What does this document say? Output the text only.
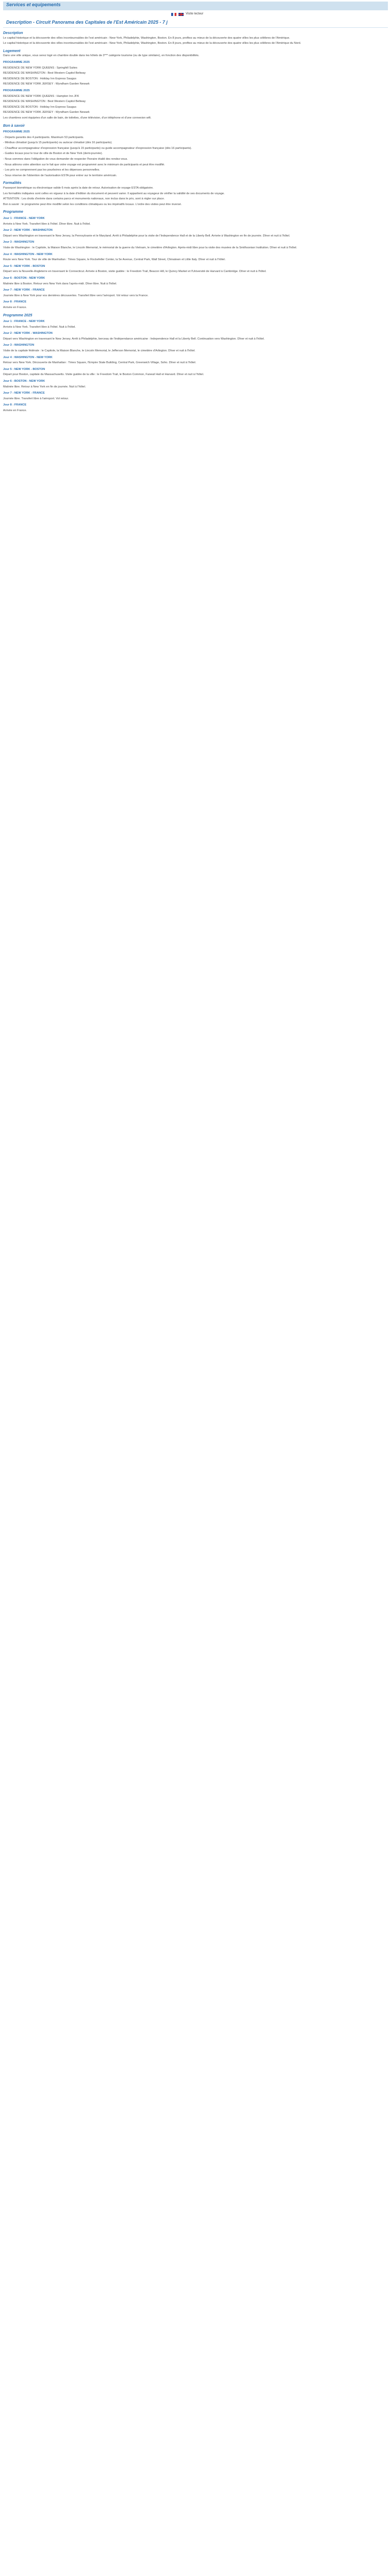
Services et equipements
Visite lecteur
Description - Circuit Panorama des Capitales de l'Est Américain 2025 - 7 j
Description

Le capital historique et la découverte des villes incontournables de l'est américain : New-York, Philadelphie, Washington, Boston. En 8 jours, profitez au mieux de la découverte des quatre villes les plus célèbres de l'Amérique.

Le capital historique et la découverte des villes incontournables de l'est américain : New-York, Philadelphie, Washington, Boston. En 8 jours, profitez au mieux de la découverte des quatre villes les plus célèbres de l'Amérique du Nord.

Logement

Dans une ville unique, vous serez logé en chambre double dans les hôtels de 3*** catégorie tourisme (ou de type similaire), en fonction des disponibilités.

PROGRAMME 2025

RESIDENCE DE NEW YORK QUEENS : Springhill Suites

RESIDENCE DE WASHINGTON : Best Western Capitol Beltway

RESIDENCE DE BOSTON : Holiday Inn Express Saugus

RESIDENCE DE NEW YORK JERSEY : Wyndham Garden Newark

PROGRAMME 2025

RESIDENCE DE NEW YORK QUEENS : Hampton Inn JFK

RESIDENCE DE WASHINGTON : Best Western Capitol Beltway

RESIDENCE DE BOSTON : Holiday Inn Express Saugus

RESIDENCE DE NEW YORK JERSEY : Wyndham Garden Newark

Les chambres sont équipées d'un salle de bain, de toilettes, d'une télévision, d'un téléphone et d'une connexion wifi.

Bon à savoir

PROGRAMME 2025

- Départs garantis des 4 participants. Maximum 53 participants.

- Minibus climatisé (jusqu'à 15 participants) ou autocar climatisé (dès 16 participants).

- Chauffeur accompagnateur d'expression française (jusqu'à 15 participants) ou guide accompagnateur d'expression française (dès 16 participants).

- Guides locaux pour le tour de ville de Boston et de New York (demi-journée).

- Nous sommes dans l'obligation de vous demander de respecter l'horaire établi des rendez-vous.

- Nous attirons votre attention sur le fait que votre voyage est programmé avec le minimum de participants et peut être modifié.

- Les prix ne comprennent pas les pourboires et les dépenses personnelles.

- Sous réserve de l'obtention de l'autorisation ESTA pour entrer sur le territoire américain.

Formalités

Passeport biométrique ou électronique valide 6 mois après la date de retour. Autorisation de voyage ESTA obligatoire.

Les formalités indiquées sont celles en vigueur à la date d'édition du document et peuvent varier. Il appartient au voyageur de vérifier la validité de ses documents de voyage.

ATTENTION : Les droits d'entrée dans certains parcs et monuments nationaux, non inclus dans le prix, sont à régler sur place.

Bon à savoir : le programme peut être modifié selon les conditions climatiques ou les impératifs locaux. L'ordre des visites peut être inversé.

Programme

Jour 1 : FRANCE - NEW YORK

Arrivée à New York. Transfert libre à l'hôtel. Dîner libre. Nuit à l'hôtel.

Jour 2 : NEW YORK - WASHINGTON

Départ vers Washington en traversant le New Jersey, la Pennsylvanie et le Maryland. Arrêt à Philadelphie pour la visite de l'Independence Hall et de la Liberty Bell. Arrivée à Washington en fin de journée. Dîner et nuit à l'hôtel.

Jour 3 : WASHINGTON

Visite de Washington : le Capitole, la Maison Blanche, le Lincoln Memorial, le mémorial de la guerre du Vietnam, le cimetière d'Arlington. Après-midi libre pour la visite des musées de la Smithsonian Institution. Dîner et nuit à l'hôtel.

Jour 4 : WASHINGTON - NEW YORK

Route vers New York. Tour de ville de Manhattan : Times Square, le Rockefeller Center, la 5e Avenue, Central Park, Wall Street, Chinatown et Little Italy. Dîner et nuit à l'hôtel.

Jour 5 : NEW YORK - BOSTON

Départ vers la Nouvelle-Angleterre en traversant le Connecticut. Arrivée à Boston, visite guidée : le Freedom Trail, Beacon Hill, le Quincy Market et l'Université de Harvard à Cambridge. Dîner et nuit à l'hôtel.

Jour 6 : BOSTON - NEW YORK

Matinée libre à Boston. Retour vers New York dans l'après-midi. Dîner libre. Nuit à l'hôtel.

Jour 7 : NEW YORK - FRANCE

Journée libre à New York pour vos dernières découvertes. Transfert libre vers l'aéroport. Vol retour vers la France.

Jour 8 : FRANCE

Arrivée en France.

Programme 2025

Jour 1 : FRANCE - NEW YORK

Arrivée à New York. Transfert libre à l'hôtel. Nuit à l'hôtel.

Jour 2 : NEW YORK - WASHINGTON

Départ vers Washington en traversant le New Jersey. Arrêt à Philadelphie, berceau de l'indépendance américaine : Independence Hall et la Liberty Bell. Continuation vers Washington. Dîner et nuit à l'hôtel.

Jour 3 : WASHINGTON

Visite de la capitale fédérale : le Capitole, la Maison Blanche, le Lincoln Memorial, le Jefferson Memorial, le cimetière d'Arlington. Dîner et nuit à l'hôtel.

Jour 4 : WASHINGTON - NEW YORK

Retour vers New York. Découverte de Manhattan : Times Square, l'Empire State Building, Central Park, Greenwich Village, Soho. Dîner et nuit à l'hôtel.

Jour 5 : NEW YORK - BOSTON

Départ pour Boston, capitale du Massachusetts. Visite guidée de la ville : le Freedom Trail, le Boston Common, Faneuil Hall et Harvard. Dîner et nuit à l'hôtel.

Jour 6 : BOSTON - NEW YORK

Matinée libre. Retour à New York en fin de journée. Nuit à l'hôtel.

Jour 7 : NEW YORK - FRANCE

Journée libre. Transfert libre à l'aéroport. Vol retour.

Jour 8 : FRANCE

Arrivée en France.
